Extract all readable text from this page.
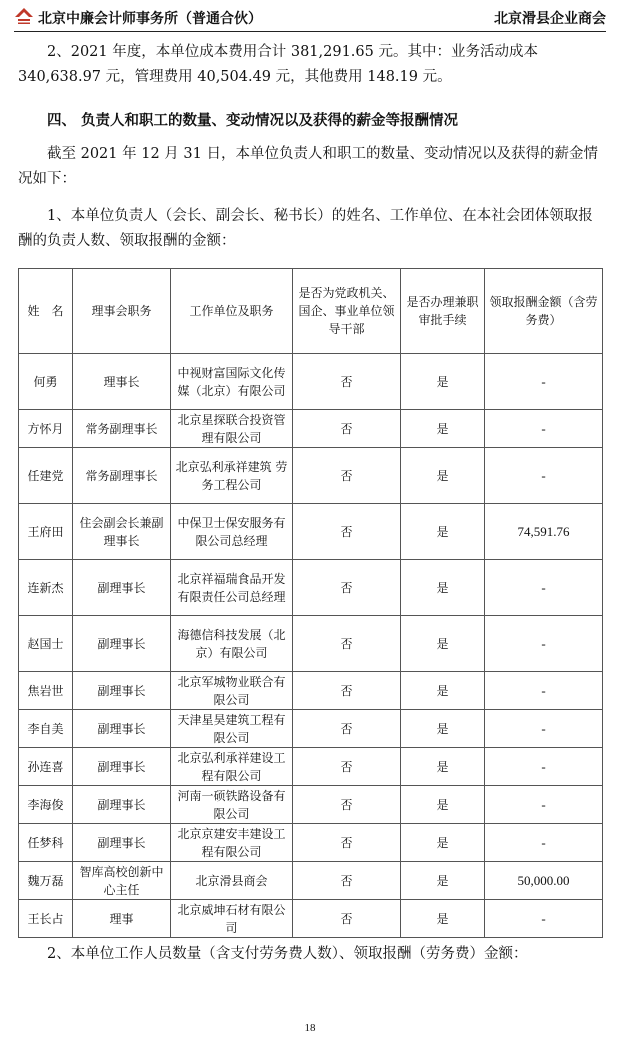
北京中廉会计师事务所（普通合伙）	北京滑县企业商会
2、2021 年度，本单位成本费用合计 381,291.65 元。其中：业务活动成本 340,638.97 元，管理费用 40,504.49 元，其他费用 148.19 元。
四、 负责人和职工的数量、变动情况以及获得的薪金等报酬情况
截至 2021 年 12 月 31 日，本单位负责人和职工的数量、变动情况以及获得的薪金情况如下：
1、本单位负责人（会长、副会长、秘书长）的姓名、工作单位、在本社会团体领取报酬的负责人数、领取报酬的金额：
姓　名	理事会职务	工作单位及职务	是否为党政机关、国企、事业单位领导干部	是否办理兼职审批手续	领取报酬金额（含劳务费）
何勇	理事长	中视财富国际文化传媒（北京）有限公司	否	是	-
方怀月	常务副理事长	北京星探联合投资管理有限公司	否	是	-
任建党	常务副理事长	北京弘利承祥建筑 劳务工程公司	否	是	-
王府田	住会副会长兼副理事长	中保卫士保安服务有限公司总经理	否	是	74,591.76
连新杰	副理事长	北京祥福瑞食品开发有限责任公司总经理	否	是	-
赵国士	副理事长	海德信科技发展（北京）有限公司	否	是	-
焦岩世	副理事长	北京军城物业联合有限公司	否	是	-
李自美	副理事长	天津星昊建筑工程有限公司	否	是	-
孙连喜	副理事长	北京弘利承祥建设工程有限公司	否	是	-
李海俊	副理事长	河南一硕铁路设备有限公司	否	是	-
任梦科	副理事长	北京京建安丰建设工程有限公司	否	是	-
魏万磊	智库高校创新中心主任	北京滑县商会	否	是	50,000.00
王长占	理事	北京威坤石材有限公司	否	是	-
2、本单位工作人员数量（含支付劳务费人数）、领取报酬（劳务费）金额：
18
